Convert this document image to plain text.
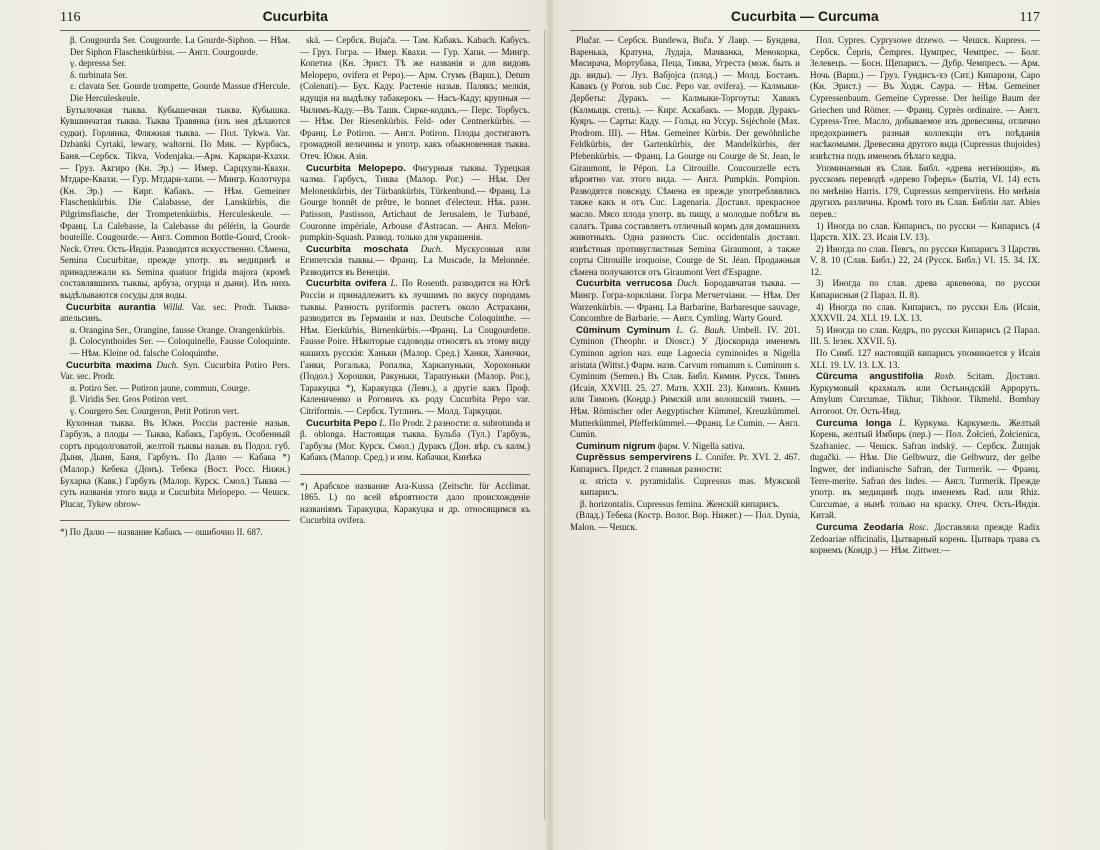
116	Cucurbita

β. Cougourda Ser. Cougourde. La Gourde-Siphon. — Нѣм. Der Siphon Flaschenkürbiss. — Англ. Courgourde.

γ. depressa Ser.

δ. turbinata Ser.

ε. clavata Ser. Gourde trompette, Gourde Massue d'Hercule. Die Herculeskeule.

Бутылочная тыква. Кубышечная тыква. Кубышка. Кувшинчатая тыква. Тыква Травянка (изъ нея дѣлаются судки). Горлянка, Фляжная тыква. — Пол. Tykwa. Var. Dzbanki Cyrtaki, lewary, waltorni. По Мик. — Курбасъ, Баня.—Сербск. Tikva, Vodenjaka.—Арм. Каркари-Кхахи. — Груз. Акгиро (Кн. Эр.) — Имер. Сарцхули-Кваxи. Мтдаре-Кваxи. — Гур. Мтдари-хапи. — Мингр. Колотчура (Кн. Эр.) — Кирг. Кабакъ. — Нѣм. Gemeiner Flaschenkürbis. Die Calabasse, der Lanskürbis, die Pilgrimsflasche, der Trompetenkürbis. Herculeskeule. — Франц. La Calebasse, la Calebasse du pélérin, la Gourde bouteille. Cougourde.— Англ. Common Bottle-Gourd, Crook-Neck. Отеч. Ость-Индія. Разводятся искусственно. Сѣмена, Semina Cucurbitae, прежде употр. въ медицинѣ и принадлежали къ Semina quatuor frigida majora (кромѣ составлявшихъ тыквы, арбуза, огурца и дыни). Изъ нихъ выдѣлываются сосуды для воды.

Cucurbita aurantia Willd. Var. sec. Prodr. Тыква-апельсинъ.

α. Orangina Ser., Orangine, fausse Orange. Orangenkürbis.

β. Colocynthoides Ser. — Coloquinelle, Fausse Coloquinte. — Нѣм. Kleine od. falsche Coloquinthe.

Cucurbita maxima Duch. Syn. Cucurbita Potiro Pers. Var. sec. Prodr.

α. Potiro Ser. — Potiron jaune, commun, Courge.

β. Viridis Ser. Gros Potiron vert.

γ. Courgero Ser. Courgeron, Petit Potiron vert.

Кухонная тыква. Въ Южн. Россіи растеніе назыв. Гарбузъ, а плоды — Тыква, Кабакъ, Гарбузъ. Особенный сортъ продолговатой, желтой тыквы назыв. въ Подол. губ. Дыня, Дыня, Баня, Гарбузъ. По Далю — Кабака *) (Малор.) Кебека (Донъ). Тебека (Вост. Росс. Нижн.) Бухарка (Кавк.) Гарбузъ (Малор. Курск. Смол.) Тыква — суть названія этого вида и Cucurbita Melopepo. — Чешск. Plucar, Tykew obrow-

*) По Далю — название Кабакъ — ошибочно II. 687.

ská. — Сербск. Bujača. — Там. Кабакъ. Kabach. Кабусъ. — Груз. Гогра. — Имер. Кваxи. — Гур. Хапи. — Мингр. Копетиа (Кн. Эрист. Тѣ же названія и для видовъ Melopepo, ovifera et Pepo).— Арм. Стумъ (Варш.), Detum (Colenati).— Бух. Каду. Растеніе назыв. Палякъ; мелкія, идущія на выдѣлку табакерокъ — Насъ-Каду; крупныя — Чилимъ-Каду.—Въ Ташк. Сирке-кодакъ.— Перс. Торбусъ. — Нѣм. Der Riesenkürbis. Feld- oder Centnerkürbis. — Франц. Le Potiron. — Англ. Potiron. Плоды достигаютъ громадной величины и употр. какъ обыкновенная тыква. Отеч. Южн. Азія.

Cucurbita Melopepo. Фигурныя тыквы. Турецкая чалма. Гарбусъ, Тиквa (Малор. Рог.) — Нѣм. Der Melonenkürbis, der Türbankürbis, Türkenbund.— Франц. La Gourge bonnêt de prêtre, le bonnet d'électeur. Нѣк. разн. Patisson, Pastisson, Artichaut de Jerusalem, le Turbané, Couronne impériale, Arbouse d'Astracan. — Англ. Melon-pumpkin-Squash. Развод. только для украшенія.

Cucurbita moschata Duch. Мускусовыя или Египетскія тыквы.— Франц. La Muscade, la Melonnée. Разводится въ Венеціи.

Cucurbita ovifera L. По Rosenth. разводится на Югѣ Россіи и принадлежитъ къ лучшимъ по вкусу породамъ тыквы. Разность pyriformis растетъ около Астрахани, разводится въ Германіи и наз. Deutsche Coloquinthe. — Нѣм. Eierkürbis, Birnenkürbis.—Франц. La Cougourdette. Fausse Poire. Нѣкоторые садоводы относятъ къ этому виду нашихъ русскія: Ханьки (Малор. Сред.) Ханки, Ханочки, Ганки, Рогалька, Ропалка, Харкапуньки, Хорохоньки (Подол.) Хорошки, Ракуньки, Тарапуньки (Малор. Рог.), Таракуцка *), Каракуцка (Левч.), а другіе какъ Проф. Калениченко и Роговичъ къ роду Cucurbita Pepo var. Citriformis. — Сербск. Тутлинъ. — Молд. Таркуцки.

Cucurbita Pepo L. По Prodr. 2 разности: α. subrotunda и β. oblonga. Настоящая тыква. Бульба (Тул.) Гарбузъ, Гарбузы (Мог. Курск. Смол.) Дуракъ (Дон. вѣр. съ калм.) Кабакъ (Малор. Сред.) и изм. Кабачки, Кинѣка

*) Арабское название Ara-Kussa (Zeitschr. für Acclimat. 1865. I.) по всей вѣроятности дало происхожденіе названіямъ Таракуцка, Каракуцка и др. относящимся къ Cucurbita ovifera.
Cucurbita — Curcuma	117

Plučar. — Сербск. Bundewa, Buča. У Лавр. — Бундева, Варенькa, Кратуна, Лудaja, Мачванка, Менокорка, Мисирача, Мортубака, Пеца, Тиква, Угрестa (мож. быть и др. виды). — Луз. Вабjoјca (плод.) — Молд. Бостанъ. Кавакъ (у Рогов. sub Cuc. Pepo var. oviferа). — Калмыки-Дербеты: Дуракъ. — Калмыки-Торгоуты: Хавакъ (Калмыцк. степь). — Кирг. Аскабакъ. — Мордв. Дуракъ-Куяръ. — Сарты: Каду. — Гольд. на Уссур. Ssjèchole (Max. Prodrom. III). — Нѣм. Gemeiner Kürbis. Der gewöhnliche Feldkürbis, der Gartenkürbis, der Mandelkürbis, der Pfebenkürbis. — Франц. La Gourge ou Courge de St. Jean, le Giraumont, le Pépon. La Citrouille. Coucourzelle есть вѣроятно var. этого вида. — Англ. Pumpkin. Pompion. Разводятся повсюду. Сѣмена ея прежде употребляялись также какъ и отъ Cuc. Lagenaria. Доставл. прекрасное масло. Мясо плода употр. въ пищу, а молодые побѣги въ салатъ. Трава составляетъ отличный кормъ для домашнихъ животныхъ. Одна разность Cuc. occidentalis доставл. извѣстныя противуглистныя Semina Giraumont, а также сорты Citrouille iroquoise, Courge de St. Jéan. Продажныя сѣмена получаются отъ Giraumont Vert d'Espagne.

Cucurbita verrucosa Duch. Бородавчатая тыква. — Мингр. Гогра-хорклiани. Гогра Метчетчiани. — Нѣм. Der Warzenkürbis. — Франц. La Barbarine, Barbaresque sauvage, Concombre de Barbarie. — Англ. Cymling. Warty Gourd.

Cŭminum Cyminum L. G. Bauh. Umbell. IV. 201. Cyminon (Theophr. и Dioscr.) У Діоскорида именемъ Cyminon agrion наз. еще Lagoecia cyminoides и Nigella aristata (Wittst.) Фарм. назв. Carvum romanum s. Cuminum s. Cyminum (Semen.) Въ Слав. Библ. Кимин. Русск. Тминъ (Исаія, XXVIII. 25. 27. Матв. XXII. 23). Кимонъ. Кминъ или Тимонъ (Кондр.) Римскій или волошскій тминъ. — Нѣм. Römischer oder Aegyptischer Kümmel, Kreuzkümmel. Mutterkümmel, Pfefferkümmel.—Франц. Le Cumin. — Англ. Cumin.

Cuminum nigrum фарм. V. Nigella sativa.

Cuprĕssus sempervirens L. Conifer. Pr. XVI. 2. 467. Кипарисъ. Предст. 2 главныя разности:

α. stricta v. pyramidalis. Cupressus mas. Мужской кипарисъ.

β. horizontalis. Cupressus femina. Женскій кипарисъ.

(Влад.) Тебека (Костр. Волог. Вор. Нижег.) — Пол. Dynia, Malon. — Чешск.

Пол. Cypres. Cyprysowe drzewo. — Чешск. Kupress. — Сербск. Čepris, Čempres. Цумпрес, Чемпрес. — Болг. Зелевецъ. — Босн. Щепарисъ. — Дубр. Чемпресъ. — Арм. Ночь (Варш.) — Груз. Гундисъ-хэ (Сит.) Кипарози, Саро (Кн. Эрист.) — Въ Ходж. Саура. — Нѣм. Gemeiner Cypressenbaum. Gemeine Cypresse. Der heilige Baum der Griechen und Römer. — Франц. Cyprès ordinaire. — Англ. Cypress-Tree. Масло, добываемое изъ древесины, отлично предохраняетъ разныя коллекціи отъ поѣданія насѣкомыми. Древесина другого вида (Cupressus thujoides) извѣстна подъ именемъ бѣлаго кедра.

Упоминаемыя въ Слав. Библ. «древа негніющія», въ русскомъ переводѣ «дерево Гоферъ» (Бытія, VI. 14) есть по мнѣнію Harris. 179, Cupressus sempervirens. Но мнѣнія другихъ различны. Кромѣ того въ Слав. Библіи лат. Abies перев.:

1) Иногда по слав. Кипарисъ, по русски — Кипарисъ (4 Царств. XIX. 23. Исаія LV. 13).

2) Иногда по слав. Певгъ, по русски Кипарисъ 3 Царствъ V. 8. 10 (Слав. Библ.) 22, 24 (Русск. Библ.) VI. 15. 34. IX. 12.

3) Иногда по слав. древа аркевѳова, по русски Кипарисныя (2 Парал. II. 8).

4) Иногда по слав. Кипарисъ, по русски Ель (Исаія, XXXVII. 24. XLI. 19. LX. 13.

5) Иногда по слав. Кедръ, по русски Кипарисъ (2 Парал. III. 5. Іезек. XXVII. 5).

По Симб. 127 настоящій кипарисъ упоминается у Исаія XLI. 19. LV. 13. LX. 13.

Cŭrcuma angustifolia Roxb. Scitam. Доставл. Куркумовый крахмалъ или Остъиндскій Арроруть. Amylum Curcumae, Tikhur, Tikhoor. Tikmehl. Bombay Arrorоot. От. Ость-Инд.

Curcuma longa L. Куркума. Каркумель. Желтый Корень, желтый Имбирь (пер.) — Пол. Żołcień, Żołcienica, Szafraniec. — Чешск. Safran indský. — Сербск. Žutnjak dugački. — Нѣм. Die Gelbwurz, die Gelbwurz, der gelbe Ingwer, der indianische Safran, der Turmerik. — Франц. Terre-merite. Safran des Indes. — Англ. Turmerik. Прежде употр. въ медицинѣ подъ именемъ Rad. или Rhiz. Curcumae, а нынѣ только на краску. Отеч. Ость-Индія. Китай.

Curcuma Zeodaria Rosc. Доставляла прежде Radix Zedoariae officinalis, Цытварный корень. Цытварь трава съ корнемъ (Кондр.) — Нѣм. Zittwer.—
